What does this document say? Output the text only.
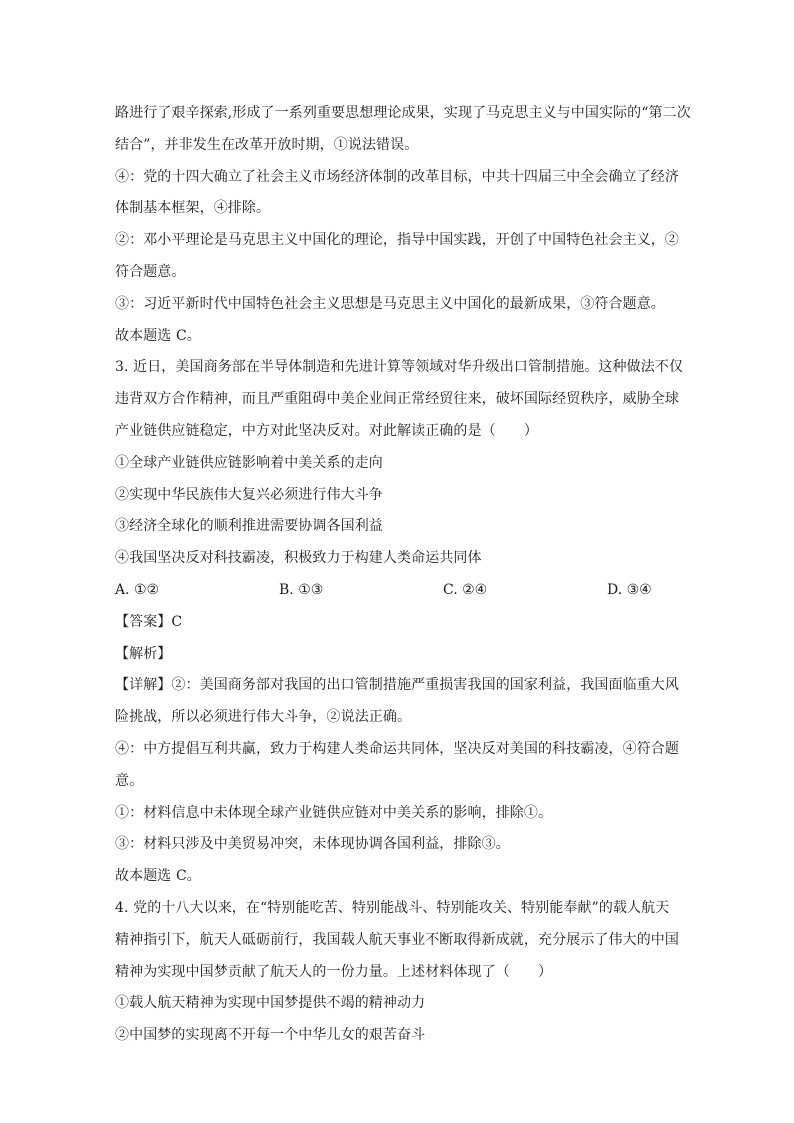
路进行了艰辛探索,形成了一系列重要思想理论成果，实现了马克思主义与中国实际的“第二次
结合”，并非发生在改革开放时期，①说法错误。
④：党的十四大确立了社会主义市场经济体制的改革目标，中共十四届三中全会确立了经济
体制基本框架，④排除。
②：邓小平理论是马克思主义中国化的理论，指导中国实践，开创了中国特色社会主义，②
符合题意。
③：习近平新时代中国特色社会主义思想是马克思主义中国化的最新成果，③符合题意。
故本题选 C。
3. 近日，美国商务部在半导体制造和先进计算等领域对华升级出口管制措施。这种做法不仅
违背双方合作精神，而且严重阻碍中美企业间正常经贸往来，破坏国际经贸秩序，威胁全球
产业链供应链稳定，中方对此坚决反对。对此解读正确的是（　　）
①全球产业链供应链影响着中美关系的走向
②实现中华民族伟大复兴必须进行伟大斗争
③经济全球化的顺利推进需要协调各国利益
④我国坚决反对科技霸凌，积极致力于构建人类命运共同体
A. ①②	B. ①③	C. ②④	D. ③④
【答案】C
【解析】
【详解】②：美国商务部对我国的出口管制措施严重损害我国的国家利益，我国面临重大风
险挑战，所以必须进行伟大斗争，②说法正确。
④：中方提倡互利共赢，致力于构建人类命运共同体，坚决反对美国的科技霸凌，④符合题
意。
①：材料信息中未体现全球产业链供应链对中美关系的影响，排除①。
③：材料只涉及中美贸易冲突，未体现协调各国利益，排除③。
故本题选 C。
4. 党的十八大以来，在“特别能吃苦、特别能战斗、特别能攻关、特别能奉献”的载人航天
精神指引下，航天人砥砺前行，我国载人航天事业不断取得新成就，充分展示了伟大的中国
精神为实现中国梦贡献了航天人的一份力量。上述材料体现了（　　）
①载人航天精神为实现中国梦提供不竭的精神动力
②中国梦的实现离不开每一个中华儿女的艰苦奋斗
